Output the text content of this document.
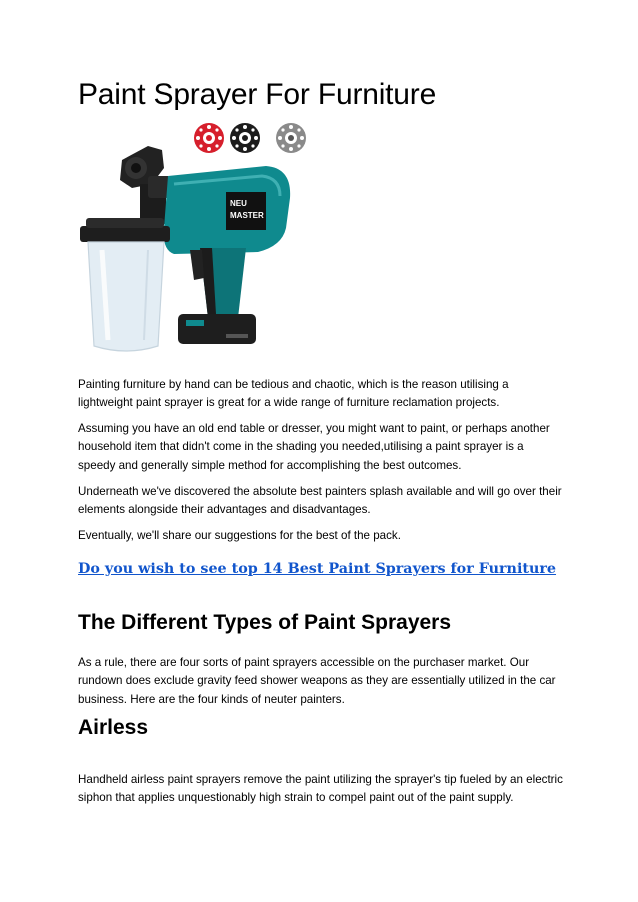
Paint Sprayer For Furniture
NEU
MASTER

Painting furniture by hand can be tedious and chaotic, which is the reason utilising a lightweight paint sprayer is great for a wide range of furniture reclamation projects.

Assuming you have an old end table or dresser, you might want to paint, or perhaps another household item that didn't come in the shading you needed,utilising a paint sprayer is a speedy and generally simple method for accomplishing the best outcomes.

Underneath we've discovered the absolute best painters splash available and will go over their elements alongside their advantages and disadvantages.

Eventually, we'll share our suggestions for the best of the pack.

Do you wish to see top 14 Best Paint Sprayers for Furniture
The Different Types of Paint Sprayers

As a rule, there are four sorts of paint sprayers accessible on the purchaser market. Our rundown does exclude gravity feed shower weapons as they are essentially utilized in the car business. Here are the four kinds of neuter painters.

Airless

Handheld airless paint sprayers remove the paint utilizing the sprayer's tip fueled by an electric siphon that applies unquestionably high strain to compel paint out of the paint supply.
